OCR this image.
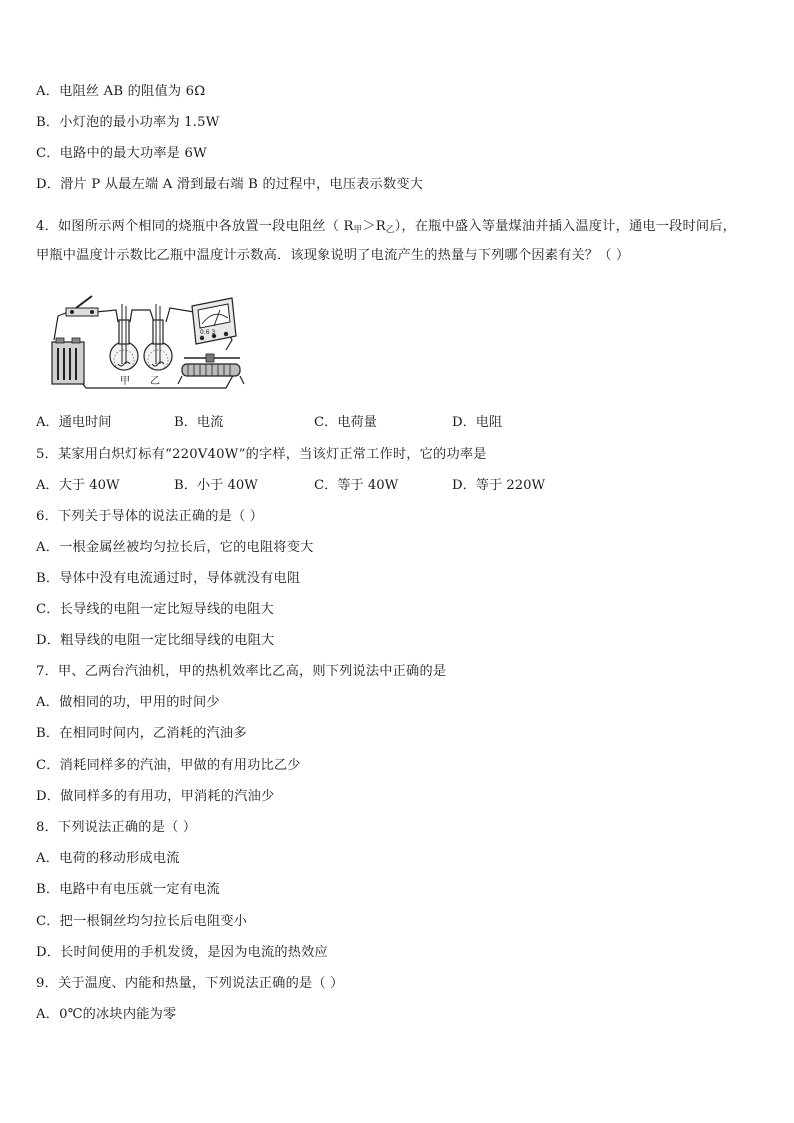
A．电阻丝 AB 的阻值为 6Ω
B．小灯泡的最小功率为 1.5W
C．电路中的最大功率是 6W
D．滑片 P 从最左端 A 滑到最右端 B 的过程中，电压表示数变大
4．如图所示两个相同的烧瓶中各放置一段电阻丝（ $R_甲>R_乙$），在瓶中盛入等量煤油并插入温度计，通电一段时间后，
甲瓶中温度计示数比乙瓶中温度计示数高．该现象说明了电流产生的热量与下列哪个因素有关？（ ）
甲 乙
0.6 3
A．通电时间	B．电流	C．电荷量	D．电阻
5．某家用白炽灯标有“220V40W”的字样，当该灯正常工作时，它的功率是
A．大于 40W	B．小于 40W	C．等于 40W	D．等于 220W
6．下列关于导体的说法正确的是（ ）
A．一根金属丝被均匀拉长后，它的电阻将变大
B．导体中没有电流通过时，导体就没有电阻
C．长导线的电阻一定比短导线的电阻大
D．粗导线的电阻一定比细导线的电阻大
7．甲、乙两台汽油机，甲的热机效率比乙高，则下列说法中正确的是
A．做相同的功，甲用的时间少
B．在相同时间内，乙消耗的汽油多
C．消耗同样多的汽油，甲做的有用功比乙少
D．做同样多的有用功，甲消耗的汽油少
8．下列说法正确的是（ ）
A．电荷的移动形成电流
B．电路中有电压就一定有电流
C．把一根铜丝均匀拉长后电阻变小
D．长时间使用的手机发烫，是因为电流的热效应
9．关于温度、内能和热量，下列说法正确的是（ ）
A．0℃的冰块内能为零
